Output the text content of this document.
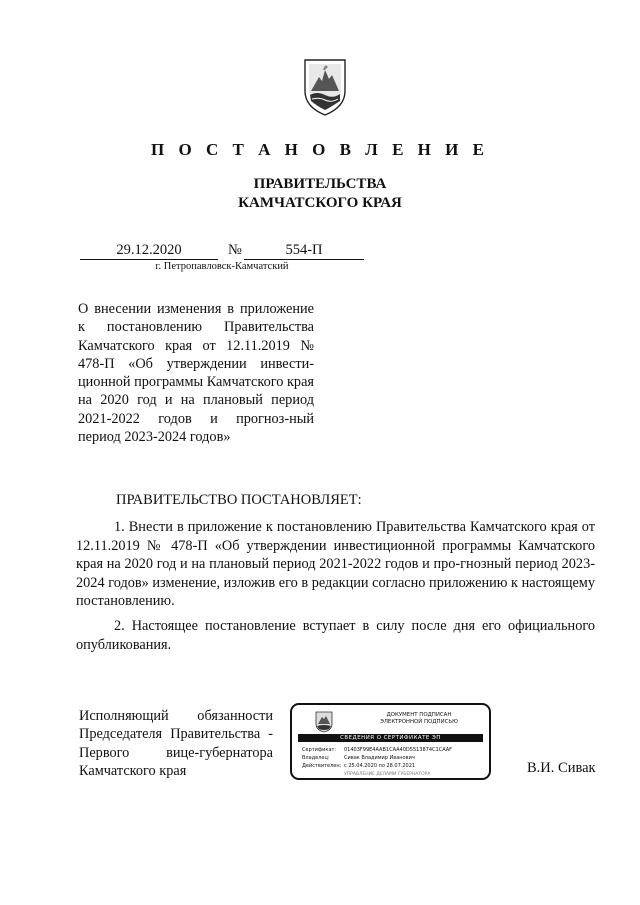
П О С Т А Н О В Л Е Н И Е
ПРАВИТЕЛЬСТВА
КАМЧАТСКОГО КРАЯ
29.12.2020	№	554-П
г. Петропавловск-Камчатский
О внесении изменения в приложение к постановлению Правительства Камчатского края от 12.11.2019 № 478-П «Об утверждении инвести-ционной программы Камчатского края на 2020 год и на плановый период 2021-2022 годов и прогноз-ный период 2023-2024 годов»
ПРАВИТЕЛЬСТВО ПОСТАНОВЛЯЕТ:
1. Внести в приложение к постановлению Правительства Камчатского края от 12.11.2019 № 478-П «Об утверждении инвестиционной программы Камчатского края на 2020 год и на плановый период 2021-2022 годов и про-гнозный период 2023-2024 годов» изменение, изложив его в редакции согласно приложению к настоящему постановлению.
2. Настоящее постановление вступает в силу после дня его официального опубликования.
Исполняющий обязанности Председателя Правительства - Первого вице-губернатора Камчатского края
ДОКУМЕНТ ПОДПИСАН
ЭЛЕКТРОННОЙ ПОДПИСЬЮ
СВЕДЕНИЯ О СЕРТИФИКАТЕ ЭП
Сертификат: 01403F99E4AAB1CAA40D5513874C1CAAF
Владелец:	Сивак Владимир Иванович
Действителен: с 25.04.2020 по 28.07.2021
УПРАВЛЕНИЕ ДЕЛАМИ ГУБЕРНАТОРА	В.И. Сивак
